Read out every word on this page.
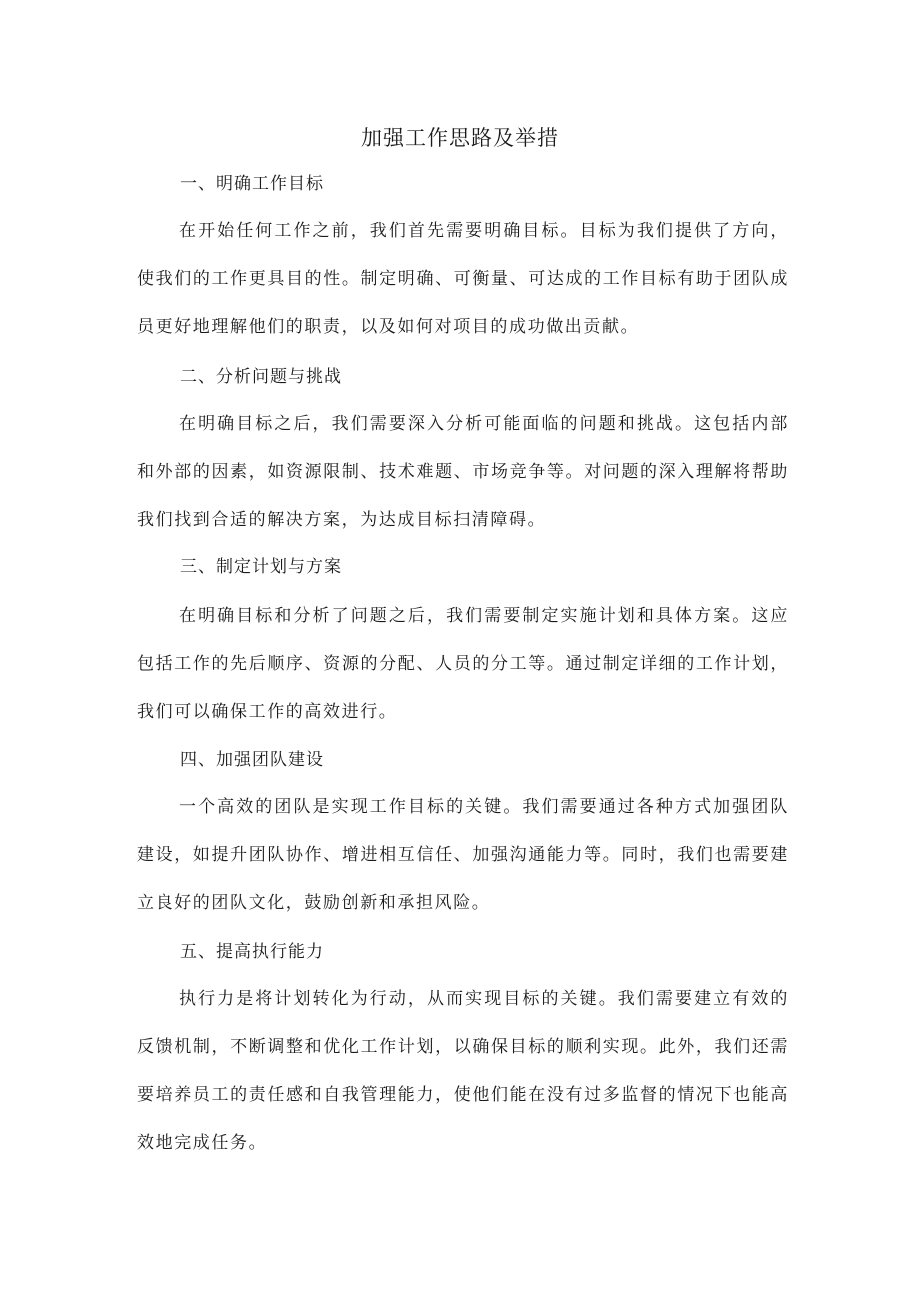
加强工作思路及举措
一、明确工作目标

在开始任何工作之前，我们首先需要明确目标。目标为我们提供了方向，使我们的工作更具目的性。制定明确、可衡量、可达成的工作目标有助于团队成员更好地理解他们的职责，以及如何对项目的成功做出贡献。

二、分析问题与挑战

在明确目标之后，我们需要深入分析可能面临的问题和挑战。这包括内部和外部的因素，如资源限制、技术难题、市场竞争等。对问题的深入理解将帮助我们找到合适的解决方案，为达成目标扫清障碍。

三、制定计划与方案

在明确目标和分析了问题之后，我们需要制定实施计划和具体方案。这应包括工作的先后顺序、资源的分配、人员的分工等。通过制定详细的工作计划，我们可以确保工作的高效进行。

四、加强团队建设

一个高效的团队是实现工作目标的关键。我们需要通过各种方式加强团队建设，如提升团队协作、增进相互信任、加强沟通能力等。同时，我们也需要建立良好的团队文化，鼓励创新和承担风险。

五、提高执行能力

执行力是将计划转化为行动，从而实现目标的关键。我们需要建立有效的反馈机制，不断调整和优化工作计划，以确保目标的顺利实现。此外，我们还需要培养员工的责任感和自我管理能力，使他们能在没有过多监督的情况下也能高效地完成任务。
